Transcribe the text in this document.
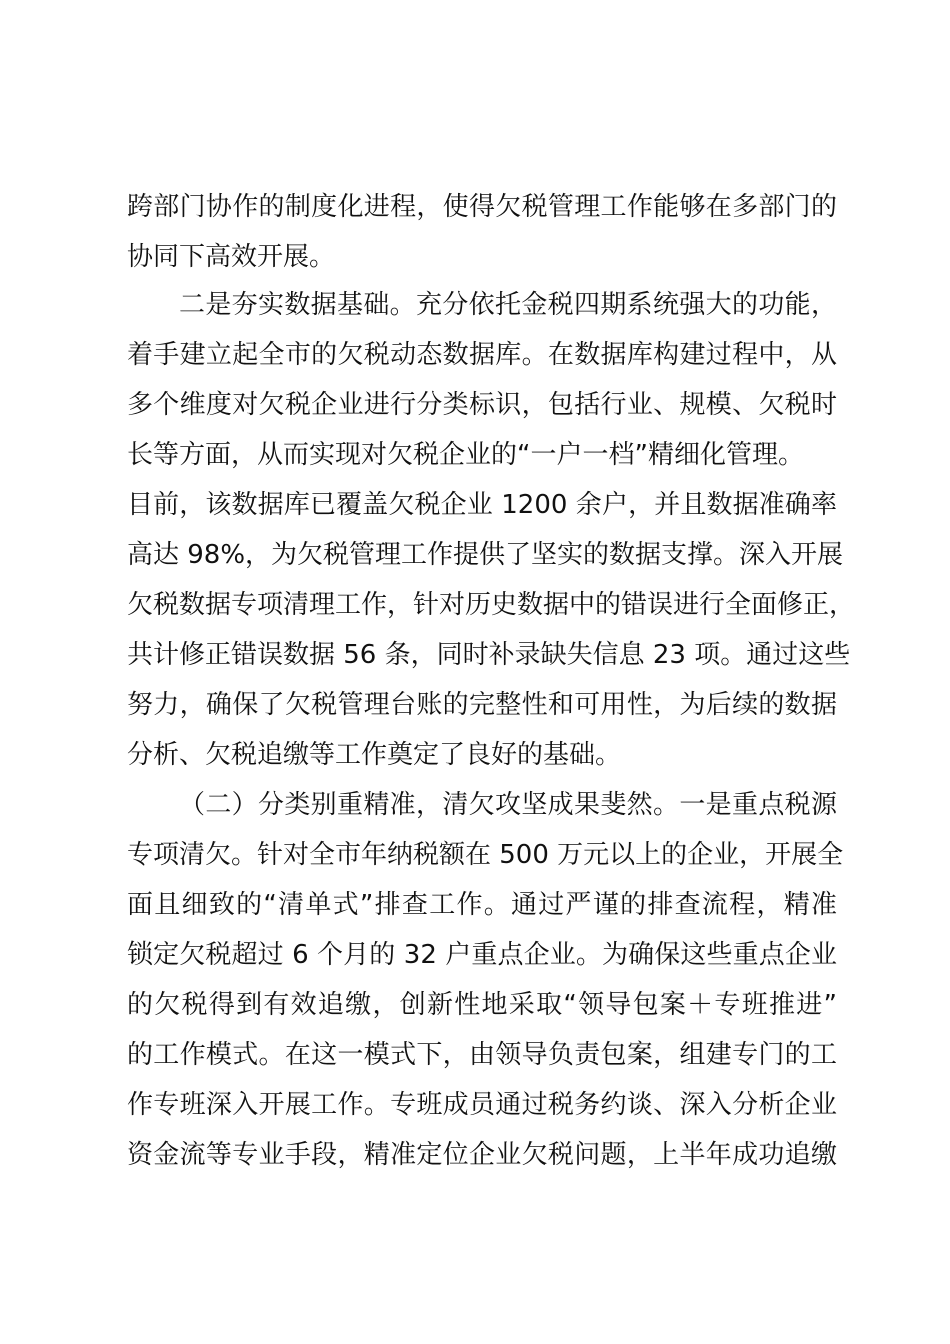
跨部门协作的制度化进程，使得欠税管理工作能够在多部门的
协同下高效开展。
二是夯实数据基础。充分依托金税四期系统强大的功能，
着手建立起全市的欠税动态数据库。在数据库构建过程中，从
多个维度对欠税企业进行分类标识，包括行业、规模、欠税时
长等方面，从而实现对欠税企业的“一户一档”精细化管理。
目前，该数据库已覆盖欠税企业 1200 余户，并且数据准确率
高达 98%，为欠税管理工作提供了坚实的数据支撑。深入开展
欠税数据专项清理工作，针对历史数据中的错误进行全面修正，
共计修正错误数据 56 条，同时补录缺失信息 23 项。通过这些
努力，确保了欠税管理台账的完整性和可用性，为后续的数据
分析、欠税追缴等工作奠定了良好的基础。
（二）分类别重精准，清欠攻坚成果斐然。一是重点税源
专项清欠。针对全市年纳税额在 500 万元以上的企业，开展全
面且细致的“清单式”排查工作。通过严谨的排查流程，精准
锁定欠税超过 6 个月的 32 户重点企业。为确保这些重点企业
的欠税得到有效追缴，创新性地采取“领导包案＋专班推进”
的工作模式。在这一模式下，由领导负责包案，组建专门的工
作专班深入开展工作。专班成员通过税务约谈、深入分析企业
资金流等专业手段，精准定位企业欠税问题，上半年成功追缴
